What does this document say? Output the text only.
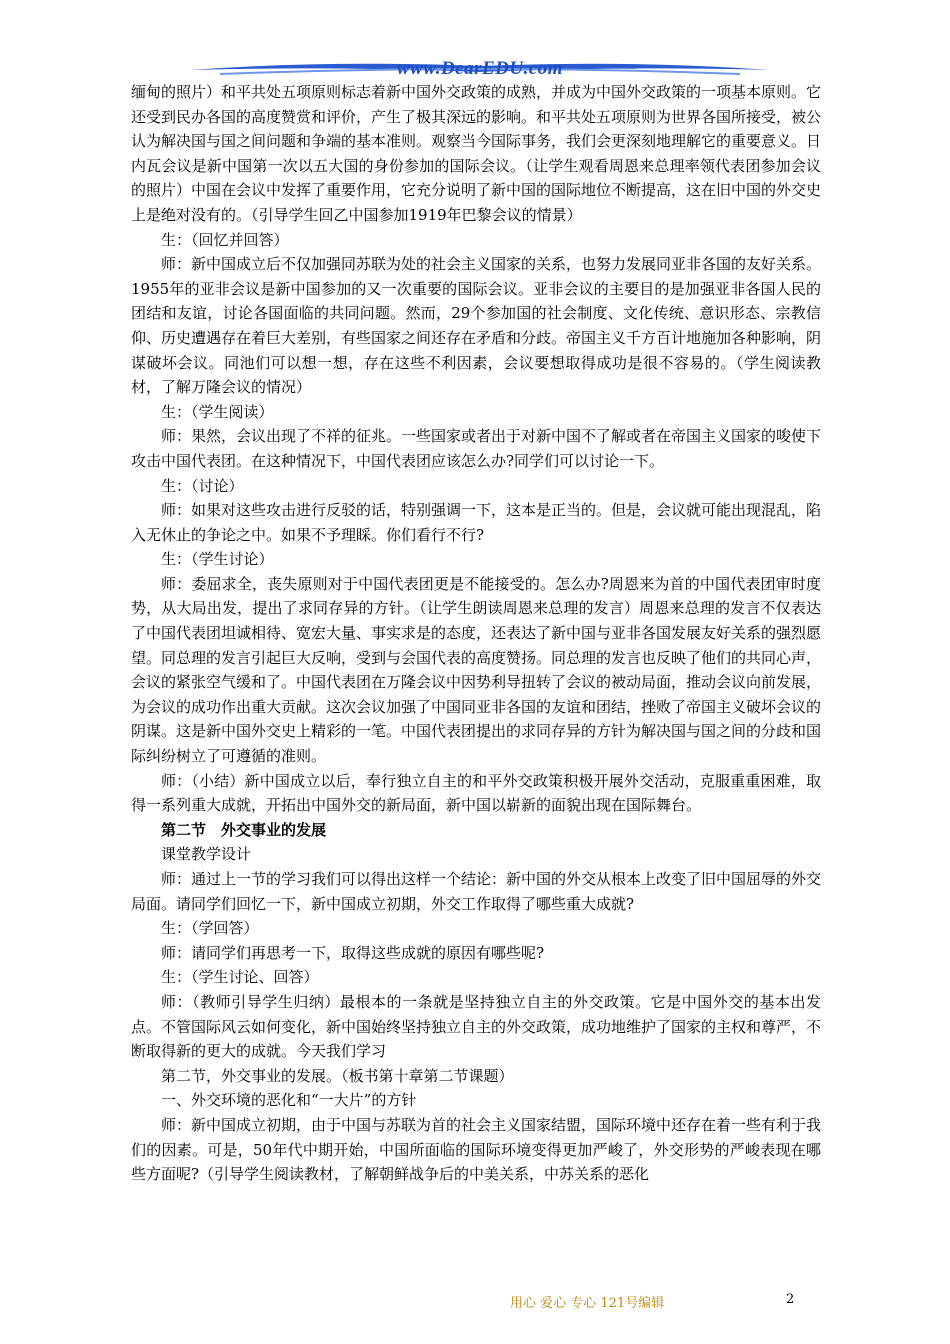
www.DearEDU.com

缅甸的照片）和平共处五项原则标志着新中国外交政策的成熟，并成为中国外交政策的一项基本原则。它还受到民办各国的高度赞赏和评价，产生了极其深远的影响。和平共处五项原则为世界各国所接受，被公认为解决国与国之间问题和争端的基本准则。观察当今国际事务，我们会更深刻地理解它的重要意义。日内瓦会议是新中国第一次以五大国的身份参加的国际会议。（让学生观看周恩来总理率领代表团参加会议的照片）中国在会议中发挥了重要作用，它充分说明了新中国的国际地位不断提高，这在旧中国的外交史上是绝对没有的。（引导学生回乙中国参加1919年巴黎会议的情景）

生：（回忆并回答）

师：新中国成立后不仅加强同苏联为处的社会主义国家的关系，也努力发展同亚非各国的友好关系。1955年的亚非会议是新中国参加的又一次重要的国际会议。亚非会议的主要目的是加强亚非各国人民的团结和友谊，讨论各国面临的共同问题。然而，29个参加国的社会制度、文化传统、意识形态、宗教信仰、历史遭遇存在着巨大差别，有些国家之间还存在矛盾和分歧。帝国主义千方百计地施加各种影响，阴谋破坏会议。同池们可以想一想，存在这些不利因素，会议要想取得成功是很不容易的。（学生阅读教材，了解万隆会议的情况）

生：（学生阅读）

师：果然，会议出现了不祥的征兆。一些国家或者出于对新中国不了解或者在帝国主义国家的唆使下攻击中国代表团。在这种情况下，中国代表团应该怎么办?同学们可以讨论一下。

生：（讨论）

师：如果对这些攻击进行反驳的话，特别强调一下，这本是正当的。但是，会议就可能出现混乱，陷入无休止的争论之中。如果不予理睬。你们看行不行?

生：（学生讨论）

师：委屈求全，丧失原则对于中国代表团更是不能接受的。怎么办?周恩来为首的中国代表团审时度势，从大局出发，提出了求同存异的方针。（让学生朗读周恩来总理的发言）周恩来总理的发言不仅表达了中国代表团坦诚相待、宽宏大量、事实求是的态度，还表达了新中国与亚非各国发展友好关系的强烈愿望。同总理的发言引起巨大反响，受到与会国代表的高度赞扬。同总理的发言也反映了他们的共同心声，会议的紧张空气缓和了。中国代表团在万隆会议中因势利导扭转了会议的被动局面，推动会议向前发展，为会议的成功作出重大贡献。这次会议加强了中国同亚非各国的友谊和团结，挫败了帝国主义破坏会议的阴谋。这是新中国外交史上精彩的一笔。中国代表团提出的求同存异的方针为解决国与国之间的分歧和国际纠纷树立了可遵循的准则。

师：（小结）新中国成立以后，奉行独立自主的和平外交政策积极开展外交活动，克服重重困难，取得一系列重大成就，开拓出中国外交的新局面，新中国以崭新的面貌出现在国际舞台。

第二节　外交事业的发展

课堂教学设计

师：通过上一节的学习我们可以得出这样一个结论：新中国的外交从根本上改变了旧中国屈辱的外交局面。请同学们回忆一下，新中国成立初期，外交工作取得了哪些重大成就?

生：（学回答）

师：请同学们再思考一下，取得这些成就的原因有哪些呢?

生：（学生讨论、回答）

师：（教师引导学生归纳）最根本的一条就是坚持独立自主的外交政策。它是中国外交的基本出发点。不管国际风云如何变化，新中国始终坚持独立自主的外交政策，成功地维护了国家的主权和尊严，不断取得新的更大的成就。今天我们学习

第二节，外交事业的发展。（板书第十章第二节课题）

一、外交环境的恶化和“一大片”的方针

师：新中国成立初期，由于中国与苏联为首的社会主义国家结盟，国际环境中还存在着一些有利于我们的因素。可是，50年代中期开始，中国所面临的国际环境变得更加严峻了，外交形势的严峻表现在哪些方面呢?（引导学生阅读教材，了解朝鲜战争后的中美关系，中苏关系的恶化

用心 爱心 专心 121号编辑	2
